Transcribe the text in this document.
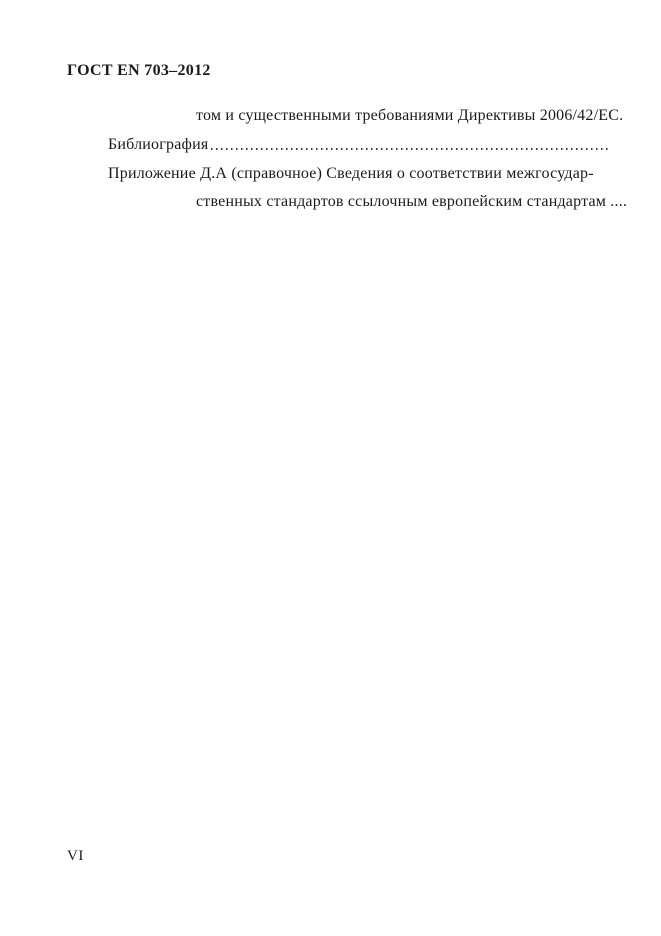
ГОСТ EN 703–2012
том и существенными требованиями Директивы 2006/42/ЕС.
Библиография
Приложение Д.А (справочное) Сведения о соответствии межгосудар-
ственных стандартов ссылочным европейским стандартам ....
VI
